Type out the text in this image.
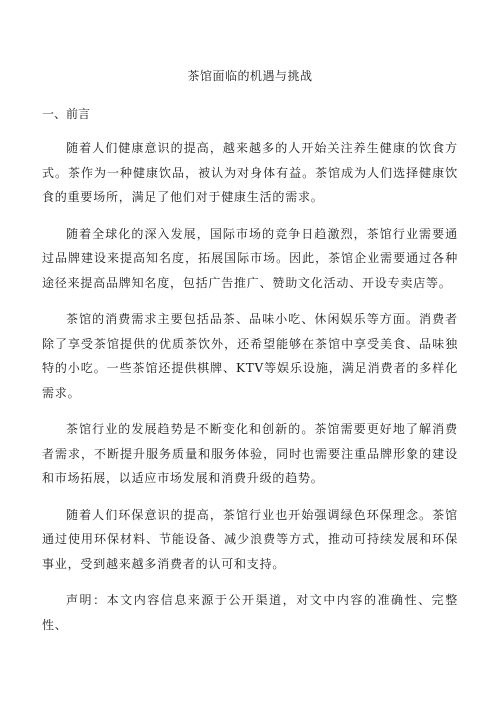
茶馆面临的机遇与挑战
一、前言

随着人们健康意识的提高，越来越多的人开始关注养生健康的饮食方式。茶作为一种健康饮品，被认为对身体有益。茶馆成为人们选择健康饮食的重要场所，满足了他们对于健康生活的需求。

随着全球化的深入发展，国际市场的竞争日趋激烈，茶馆行业需要通过品牌建设来提高知名度，拓展国际市场。因此，茶馆企业需要通过各种途径来提高品牌知名度，包括广告推广、赞助文化活动、开设专卖店等。

茶馆的消费需求主要包括品茶、品味小吃、休闲娱乐等方面。消费者除了享受茶馆提供的优质茶饮外，还希望能够在茶馆中享受美食、品味独特的小吃。一些茶馆还提供棋牌、KTV等娱乐设施，满足消费者的多样化需求。

茶馆行业的发展趋势是不断变化和创新的。茶馆需要更好地了解消费者需求，不断提升服务质量和服务体验，同时也需要注重品牌形象的建设和市场拓展，以适应市场发展和消费升级的趋势。

随着人们环保意识的提高，茶馆行业也开始强调绿色环保理念。茶馆通过使用环保材料、节能设备、减少浪费等方式，推动可持续发展和环保事业，受到越来越多消费者的认可和支持。

声明：本文内容信息来源于公开渠道，对文中内容的准确性、完整性、
